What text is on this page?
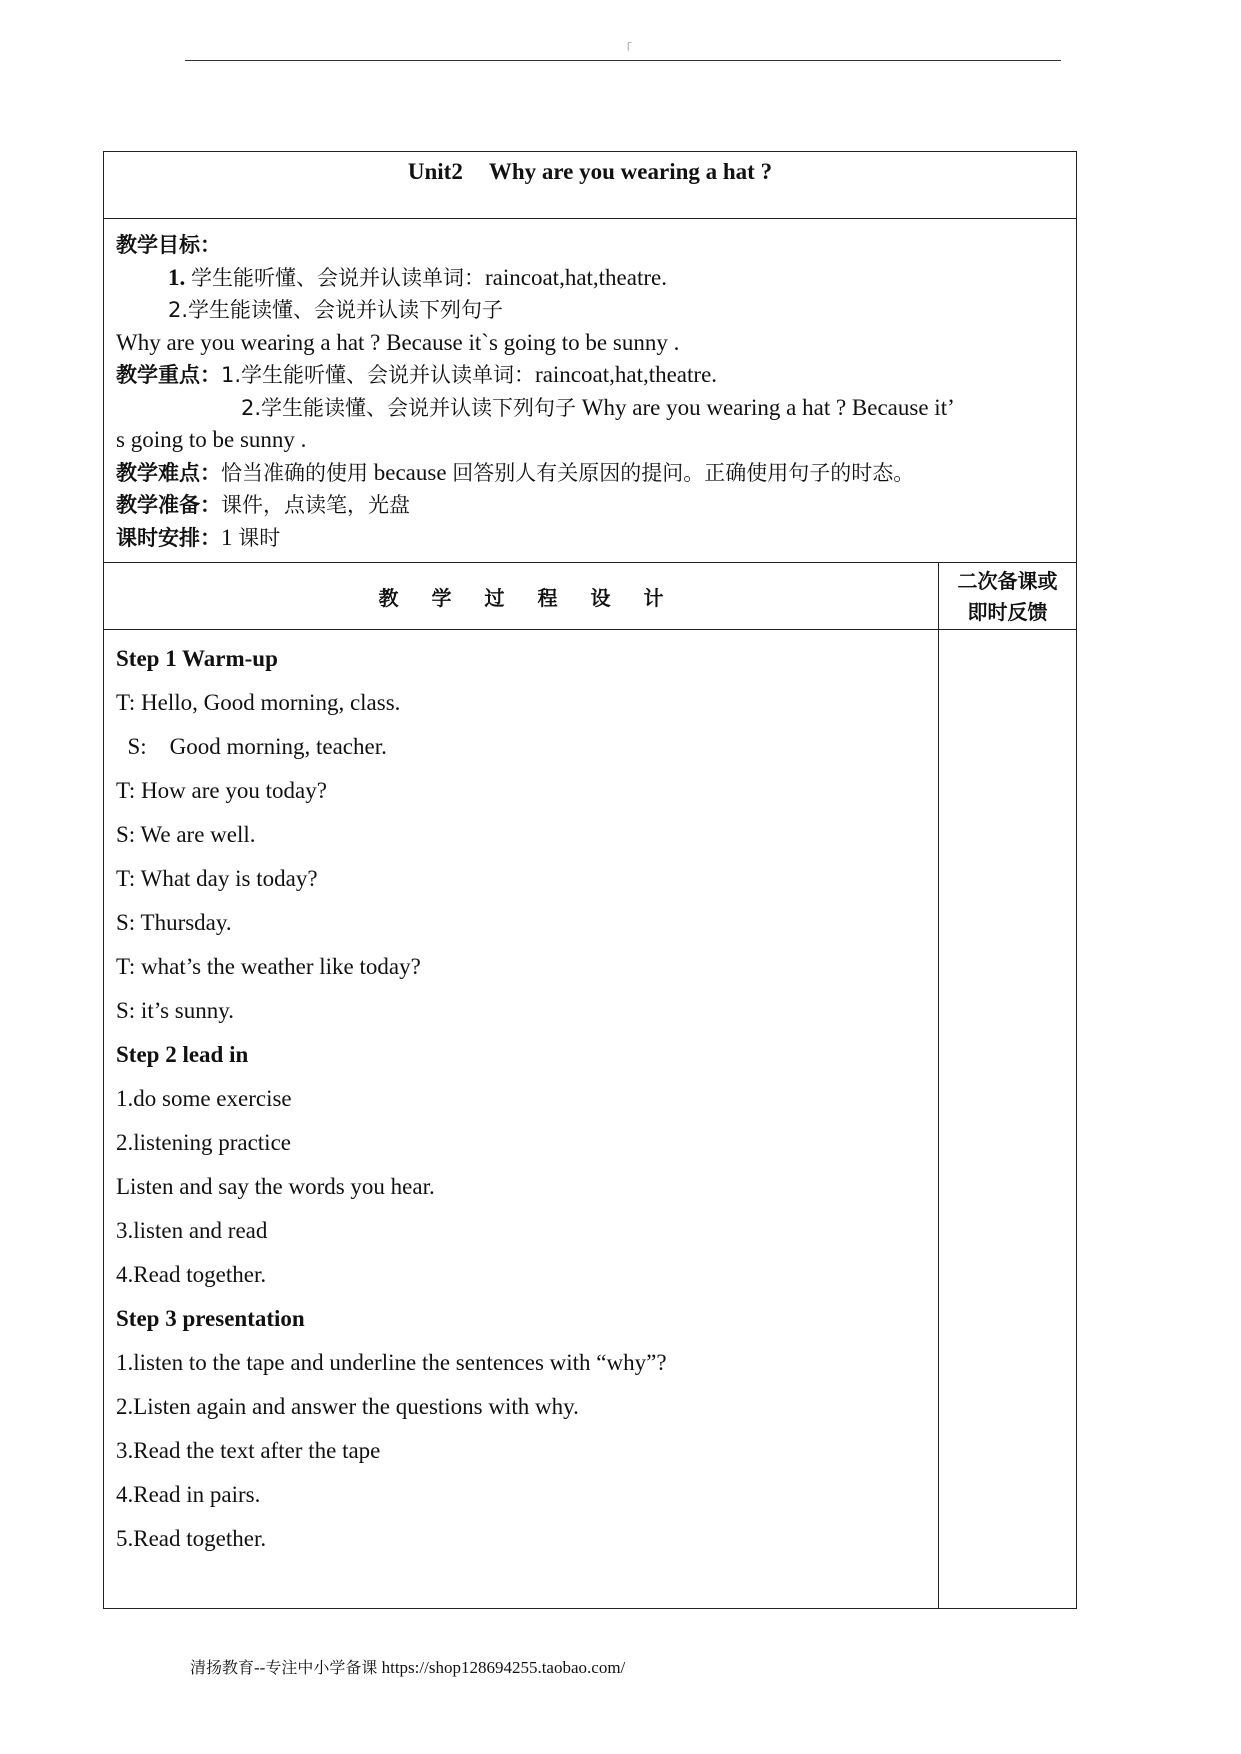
「
Unit2 Why are you wearing a hat ?
教学目标：
1. 学生能听懂、会说并认读单词：raincoat,hat,theatre.
2.学生能读懂、会说并认读下列句子
Why are you wearing a hat ? Because it`s going to be sunny .
教学重点：1.学生能听懂、会说并认读单词：raincoat,hat,theatre.
2.学生能读懂、会说并认读下列句子 Why are you wearing a hat ? Because it’
s going to be sunny .
教学难点：恰当准确的使用 because 回答别人有关原因的提问。正确使用句子的时态。
教学准备：课件，点读笔，光盘
课时安排：1 课时
教学过程设计
二次备课或
即时反馈
Step 1 Warm-up
T: Hello, Good morning, class.
S:    Good morning, teacher.
T: How are you today?
S: We are well.
T: What day is today?
S: Thursday.
T: what’s the weather like today?
S: it’s sunny.
Step 2 lead in
1.do some exercise
2.listening practice
Listen and say the words you hear.
3.listen and read
4.Read together.
Step 3 presentation
1.listen to the tape and underline the sentences with “why”?
2.Listen again and answer the questions with why.
3.Read the text after the tape
4.Read in pairs.
5.Read together.
清扬教育--专注中小学备课 https://shop128694255.taobao.com/
